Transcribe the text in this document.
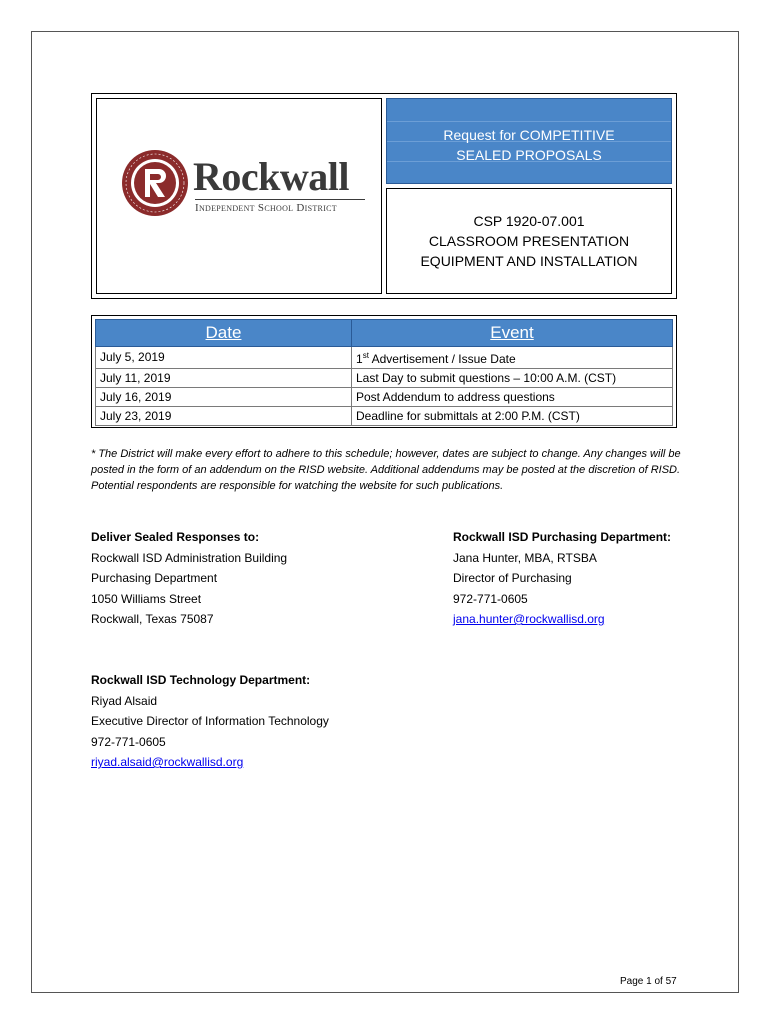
Rockwall
Independent School District
Request for COMPETITIVE
SEALED PROPOSALS
CSP 1920-07.001
CLASSROOM PRESENTATION
EQUIPMENT AND INSTALLATION
Date	Event
July 5, 2019	1st Advertisement / Issue Date
July 11, 2019	Last Day to submit questions – 10:00 A.M. (CST)
July 16, 2019	Post Addendum to address questions
July 23, 2019	Deadline for submittals at 2:00 P.M. (CST)
* The District will make every effort to adhere to this schedule; however, dates are subject to change. Any changes will be posted in the form of an addendum on the RISD website. Additional addendums may be posted at the discretion of RISD. Potential respondents are responsible for watching the website for such publications.
Deliver Sealed Responses to:
Rockwall ISD Administration Building
Purchasing Department
1050 Williams Street
Rockwall, Texas 75087
Rockwall ISD Purchasing Department:
Jana Hunter, MBA, RTSBA
Director of Purchasing
972-771-0605
jana.hunter@rockwallisd.org
Rockwall ISD Technology Department:
Riyad Alsaid
Executive Director of Information Technology
972-771-0605
riyad.alsaid@rockwallisd.org
Page 1 of 57
